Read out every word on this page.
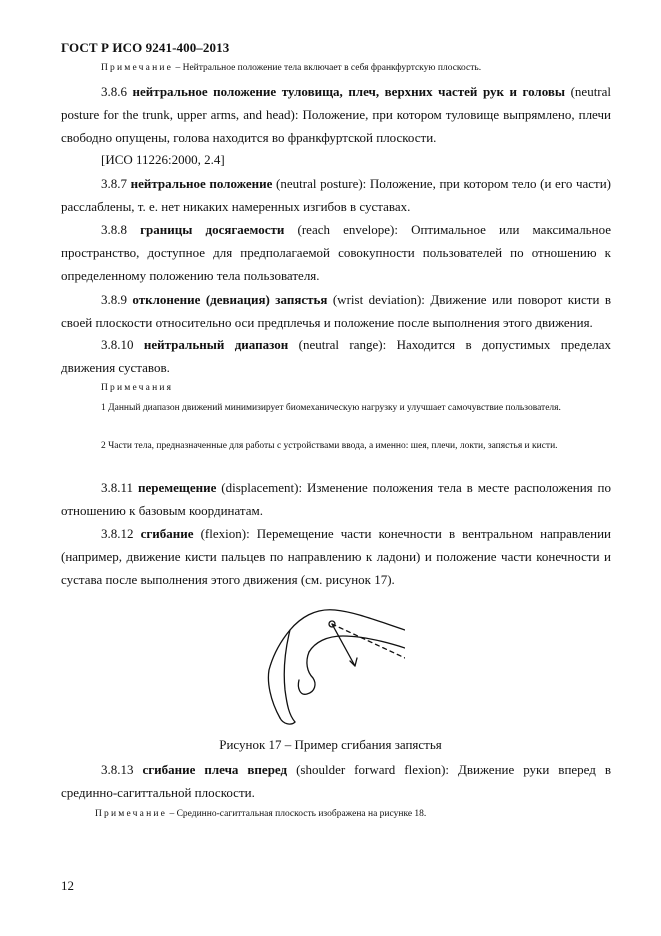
ГОСТ Р ИСО 9241-400–2013
Примечание – Нейтральное положение тела включает в себя франкфуртскую плоскость.
3.8.6 нейтральное положение туловища, плеч, верхних частей рук и головы (neutral posture for the trunk, upper arms, and head): Положение, при котором туловище выпрямлено, плечи свободно опущены, голова находится во франкфуртской плоскости.
[ИСО 11226:2000, 2.4]
3.8.7 нейтральное положение (neutral posture): Положение, при котором тело (и его части) расслаблены, т. е. нет никаких намеренных изгибов в суставах.
3.8.8 границы досягаемости (reach envelope): Оптимальное или максимальное пространство, доступное для предполагаемой совокупности пользователей по отношению к определенному положению тела пользователя.
3.8.9 отклонение (девиация) запястья (wrist deviation): Движение или поворот кисти в своей плоскости относительно оси предплечья и положение после выполнения этого движения.
3.8.10 нейтральный диапазон (neutral range): Находится в допустимых пределах движения суставов.
Примечания
1 Данный диапазон движений минимизирует биомеханическую нагрузку и улучшает самочувствие пользователя.
2 Части тела, предназначенные для работы с устройствами ввода, а именно: шея, плечи, локти, запястья и кисти.
3.8.11 перемещение (displacement): Изменение положения тела в месте расположения по отношению к базовым координатам.
3.8.12 сгибание (flexion): Перемещение части конечности в вентральном направлении (например, движение кисти пальцев по направлению к ладони) и положение части конечности и сустава после выполнения этого движения (см. рисунок 17).
Рисунок 17 – Пример сгибания запястья
3.8.13 сгибание плеча вперед (shoulder forward flexion): Движение руки вперед в срединно-сагиттальной плоскости.
Примечание – Срединно-сагиттальная плоскость изображена на рисунке 18.
12
